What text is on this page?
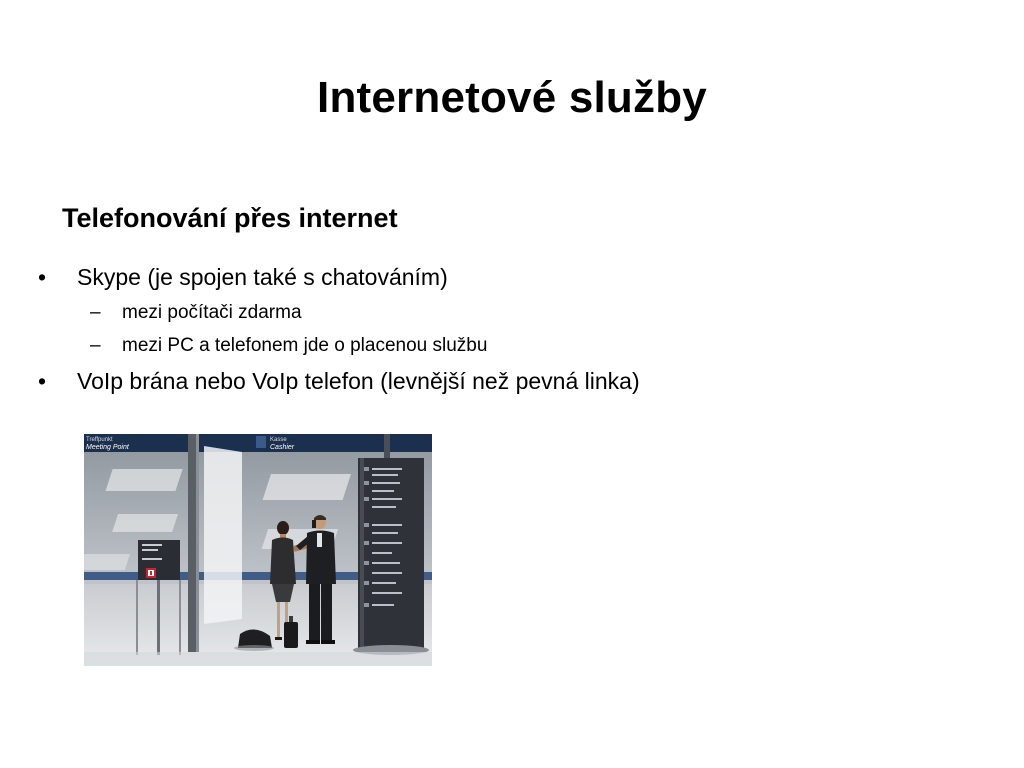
Internetové služby
Telefonování přes internet
• Skype (je spojen také s chatováním)
– mezi počítači zdarma
– mezi PC a telefonem jde o placenou službu
• VoIp brána nebo VoIp telefon (levnější než pevná linka)
Treffpunkt
Meeting Point
Kasse
Cashier
